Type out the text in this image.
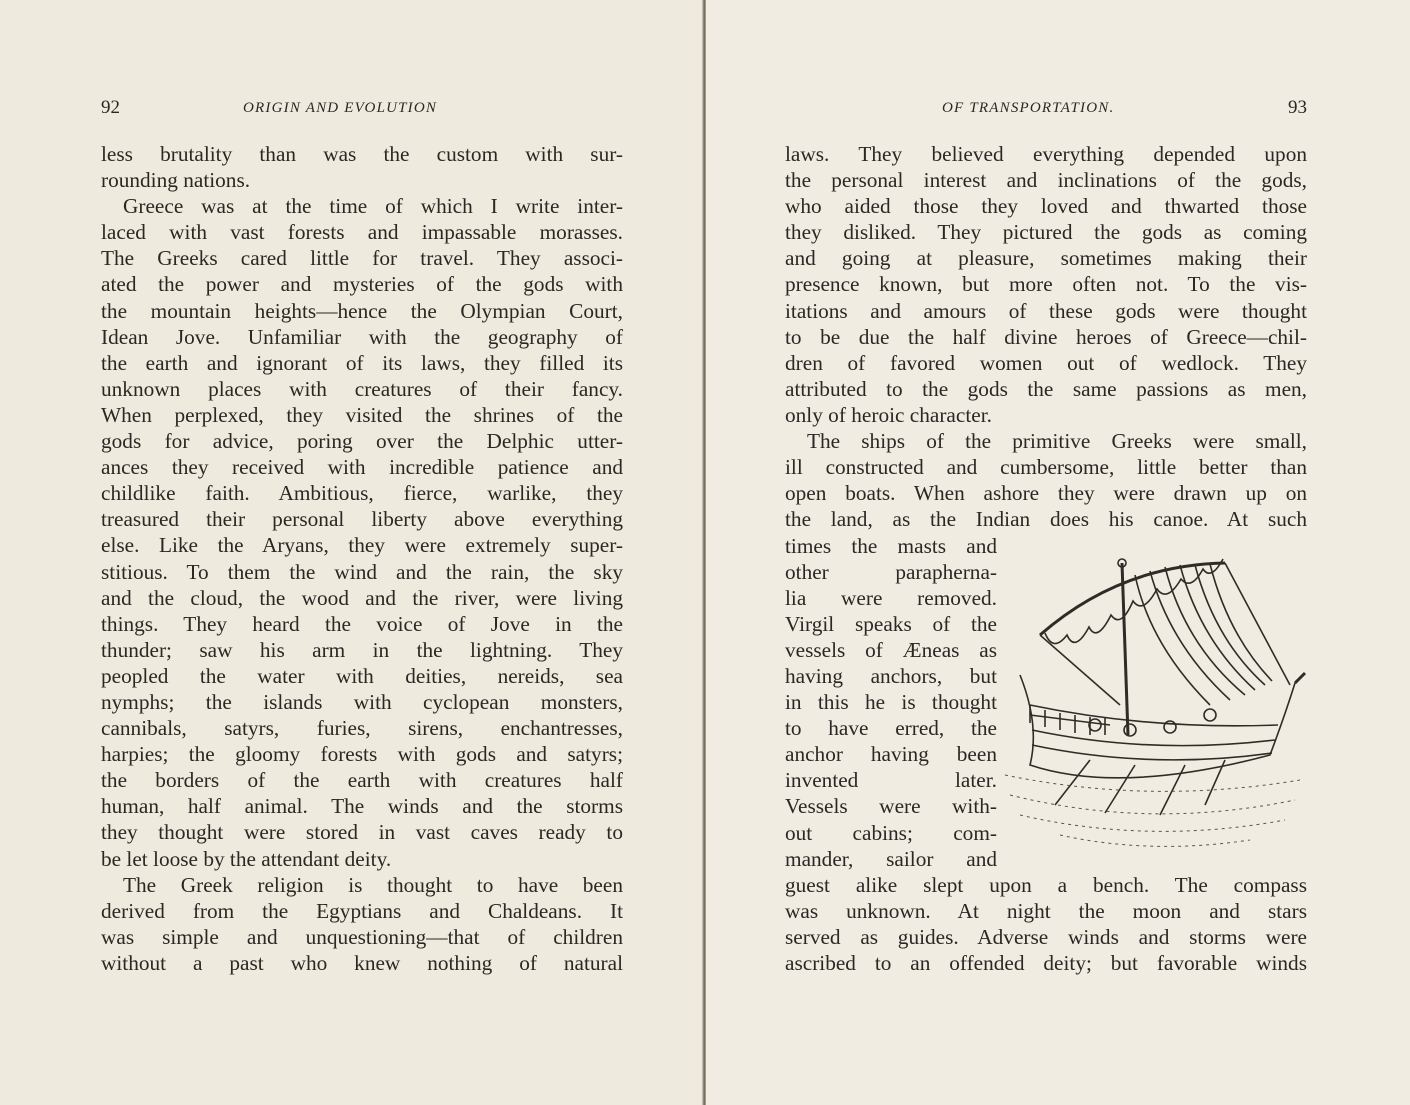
92	ORIGIN AND EVOLUTION
less brutality than was the custom with sur-
rounding nations.
Greece was at the time of which I write inter-
laced with vast forests and impassable morasses.
The Greeks cared little for travel. They associ-
ated the power and mysteries of the gods with
the mountain heights—hence the Olympian Court,
Idean Jove. Unfamiliar with the geography of
the earth and ignorant of its laws, they filled its
unknown places with creatures of their fancy.
When perplexed, they visited the shrines of the
gods for advice, poring over the Delphic utter-
ances they received with incredible patience and
childlike faith. Ambitious, fierce, warlike, they
treasured their personal liberty above everything
else. Like the Aryans, they were extremely super-
stitious. To them the wind and the rain, the sky
and the cloud, the wood and the river, were living
things. They heard the voice of Jove in the
thunder; saw his arm in the lightning. They
peopled the water with deities, nereids, sea
nymphs; the islands with cyclopean monsters,
cannibals, satyrs, furies, sirens, enchantresses,
harpies; the gloomy forests with gods and satyrs;
the borders of the earth with creatures half
human, half animal. The winds and the storms
they thought were stored in vast caves ready to
be let loose by the attendant deity.
The Greek religion is thought to have been
derived from the Egyptians and Chaldeans. It
was simple and unquestioning—that of children
without a past who knew nothing of natural
OF TRANSPORTATION.	93
laws. They believed everything depended upon
the personal interest and inclinations of the gods,
who aided those they loved and thwarted those
they disliked. They pictured the gods as coming
and going at pleasure, sometimes making their
presence known, but more often not. To the vis-
itations and amours of these gods were thought
to be due the half divine heroes of Greece—chil-
dren of favored women out of wedlock. They
attributed to the gods the same passions as men,
only of heroic character.
The ships of the primitive Greeks were small,
ill constructed and cumbersome, little better than
open boats. When ashore they were drawn up on
the land, as the Indian does his canoe. At such
times the masts and
other parapherna-
lia were removed.
Virgil speaks of the
vessels of Æneas as
having anchors, but
in this he is thought
to have erred, the
anchor having been
invented later.
Vessels were with-
out cabins; com-
mander, sailor and
guest alike slept upon a bench. The compass
was unknown. At night the moon and stars
served as guides. Adverse winds and storms were
ascribed to an offended deity; but favorable winds
